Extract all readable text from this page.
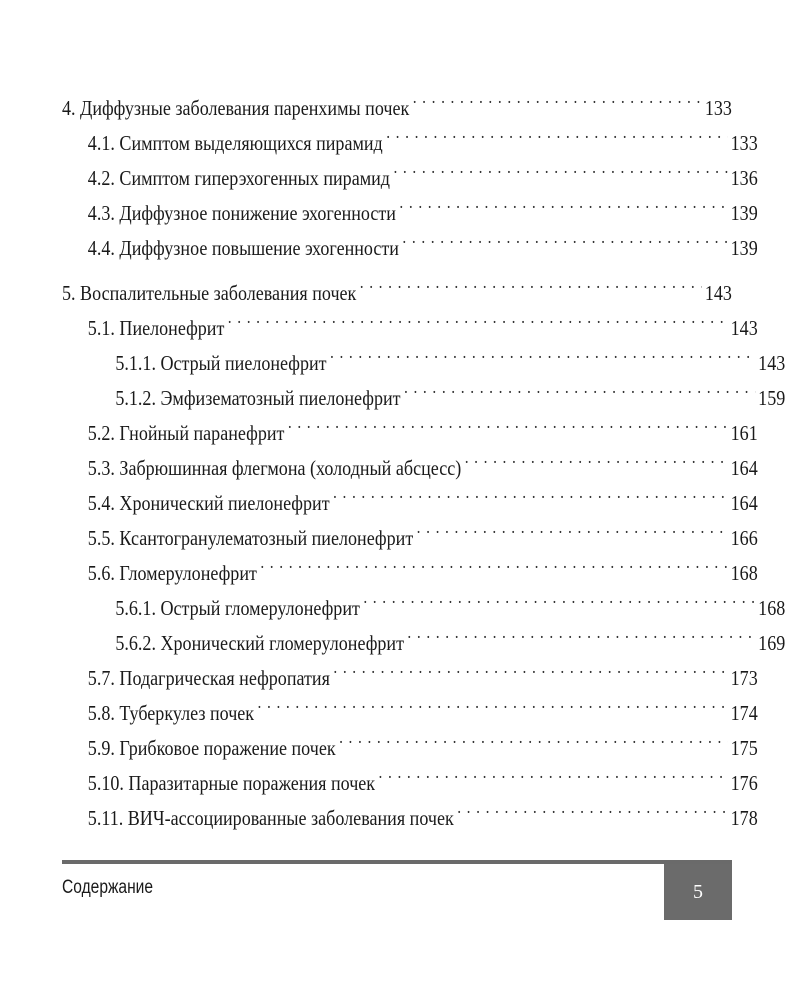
4. Диффузные заболевания паренхимы почек . . .	133
4.1. Симптом выделяющихся пирамид . . .	133
4.2. Симптом гиперэхогенных пирамид . . .	136
4.3. Диффузное понижение эхогенности . . .	139
4.4. Диффузное повышение эхогенности . . .	139
5. Воспалительные заболевания почек . . .	143
5.1. Пиелонефрит . . .	143
5.1.1. Острый пиелонефрит . . .	143
5.1.2. Эмфизематозный пиелонефрит . . .	159
5.2. Гнойный паранефрит . . .	161
5.3. Забрюшинная флегмона (холодный абсцесс) . . .	164
5.4. Хронический пиелонефрит . . .	164
5.5. Ксантогранулематозный пиелонефрит . . .	166
5.6. Гломерулонефрит . . .	168
5.6.1. Острый гломерулонефрит . . .	168
5.6.2. Хронический гломерулонефрит . . .	169
5.7. Подагрическая нефропатия . . .	173
5.8. Туберкулез почек . . .	174
5.9. Грибковое поражение почек . . .	175
5.10. Паразитарные поражения почек . . .	176
5.11. ВИЧ-ассоциированные заболевания почек . . .	178
Содержание	5
